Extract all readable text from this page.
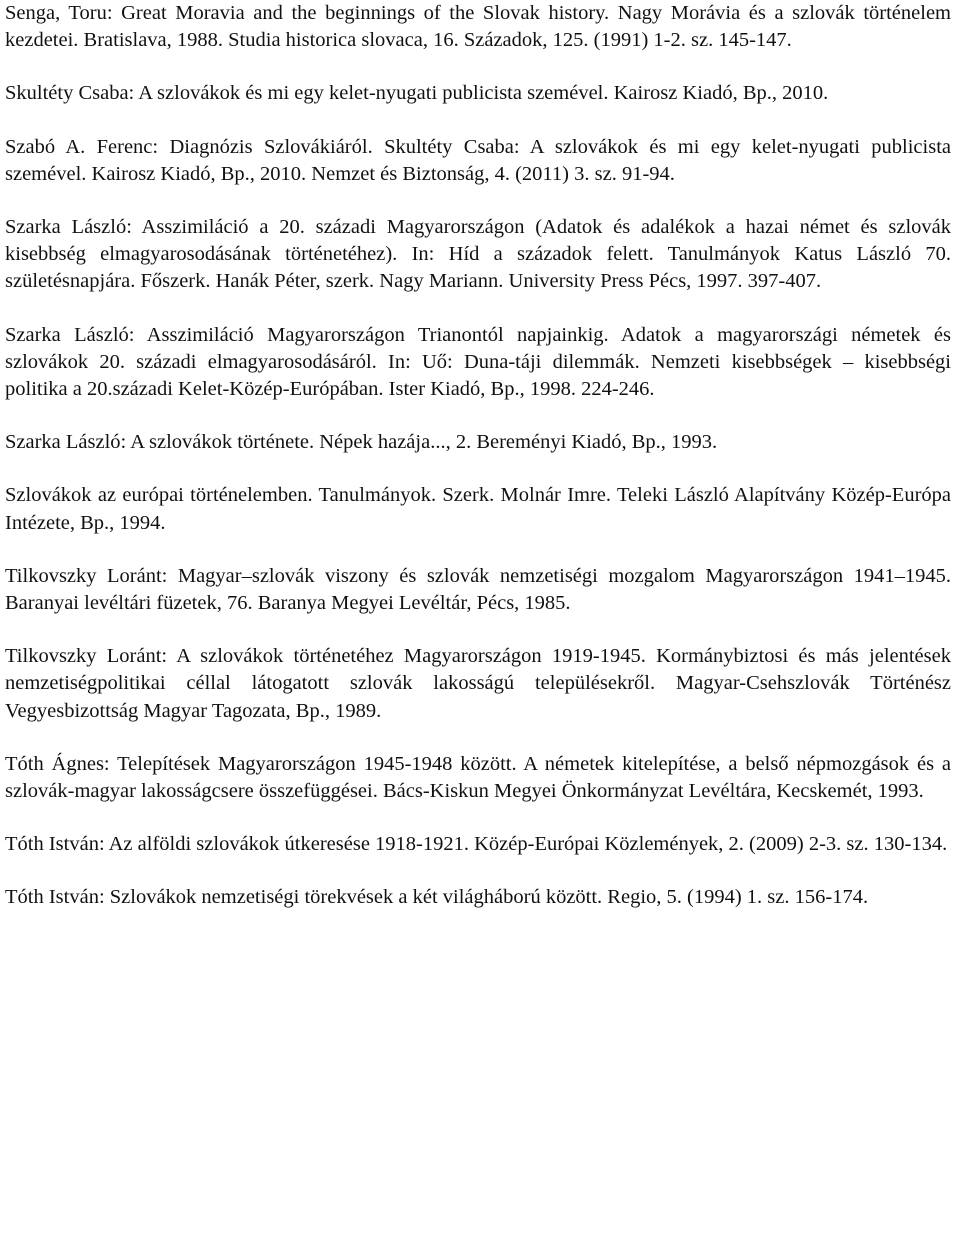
Senga, Toru: Great Moravia and the beginnings of the Slovak history. Nagy Morávia és a szlovák történelem kezdetei. Bratislava, 1988. Studia historica slovaca, 16. Századok, 125. (1991) 1-2. sz. 145-147.

Skultéty Csaba: A szlovákok és mi egy kelet-nyugati publicista szemével. Kairosz Kiadó, Bp., 2010.

Szabó A. Ferenc: Diagnózis Szlovákiáról. Skultéty Csaba: A szlovákok és mi egy kelet-nyugati publicista szemével. Kairosz Kiadó, Bp., 2010. Nemzet és Biztonság, 4. (2011) 3. sz. 91-94.

Szarka László: Asszimiláció a 20. századi Magyarországon (Adatok és adalékok a hazai német és szlovák kisebbség elmagyarosodásának történetéhez). In: Híd a századok felett. Tanulmányok Katus László 70. születésnapjára. Főszerk. Hanák Péter, szerk. Nagy Mariann. University Press Pécs, 1997. 397-407.

Szarka László: Asszimiláció Magyarországon Trianontól napjainkig. Adatok a magyarországi németek és szlovákok 20. századi elmagyarosodásáról. In: Uő: Duna-táji dilemmák. Nemzeti kisebbségek – kisebbségi politika a 20.századi Kelet-Közép-Európában. Ister Kiadó, Bp., 1998. 224-246.

Szarka László: A szlovákok története. Népek hazája..., 2. Bereményi Kiadó, Bp., 1993.

Szlovákok az európai történelemben. Tanulmányok. Szerk. Molnár Imre. Teleki László Alapítvány Közép-Európa Intézete, Bp., 1994.

Tilkovszky Loránt: Magyar–szlovák viszony és szlovák nemzetiségi mozgalom Magyarországon 1941–1945. Baranyai levéltári füzetek, 76. Baranya Megyei Levéltár, Pécs, 1985.

Tilkovszky Loránt: A szlovákok történetéhez Magyarországon 1919-1945. Kormánybiztosi és más jelentések nemzetiségpolitikai céllal látogatott szlovák lakosságú településekről. Magyar-Csehszlovák Történész Vegyesbizottság Magyar Tagozata, Bp., 1989.

Tóth Ágnes: Telepítések Magyarországon 1945-1948 között. A németek kitelepítése, a belső népmozgások és a szlovák-magyar lakosságcsere összefüggései. Bács-Kiskun Megyei Önkormányzat Levéltára, Kecskemét, 1993.

Tóth István: Az alföldi szlovákok útkeresése 1918-1921. Közép-Európai Közlemények, 2. (2009) 2-3. sz. 130-134.

Tóth István: Szlovákok nemzetiségi törekvések a két világháború között. Regio, 5. (1994) 1. sz. 156-174.
